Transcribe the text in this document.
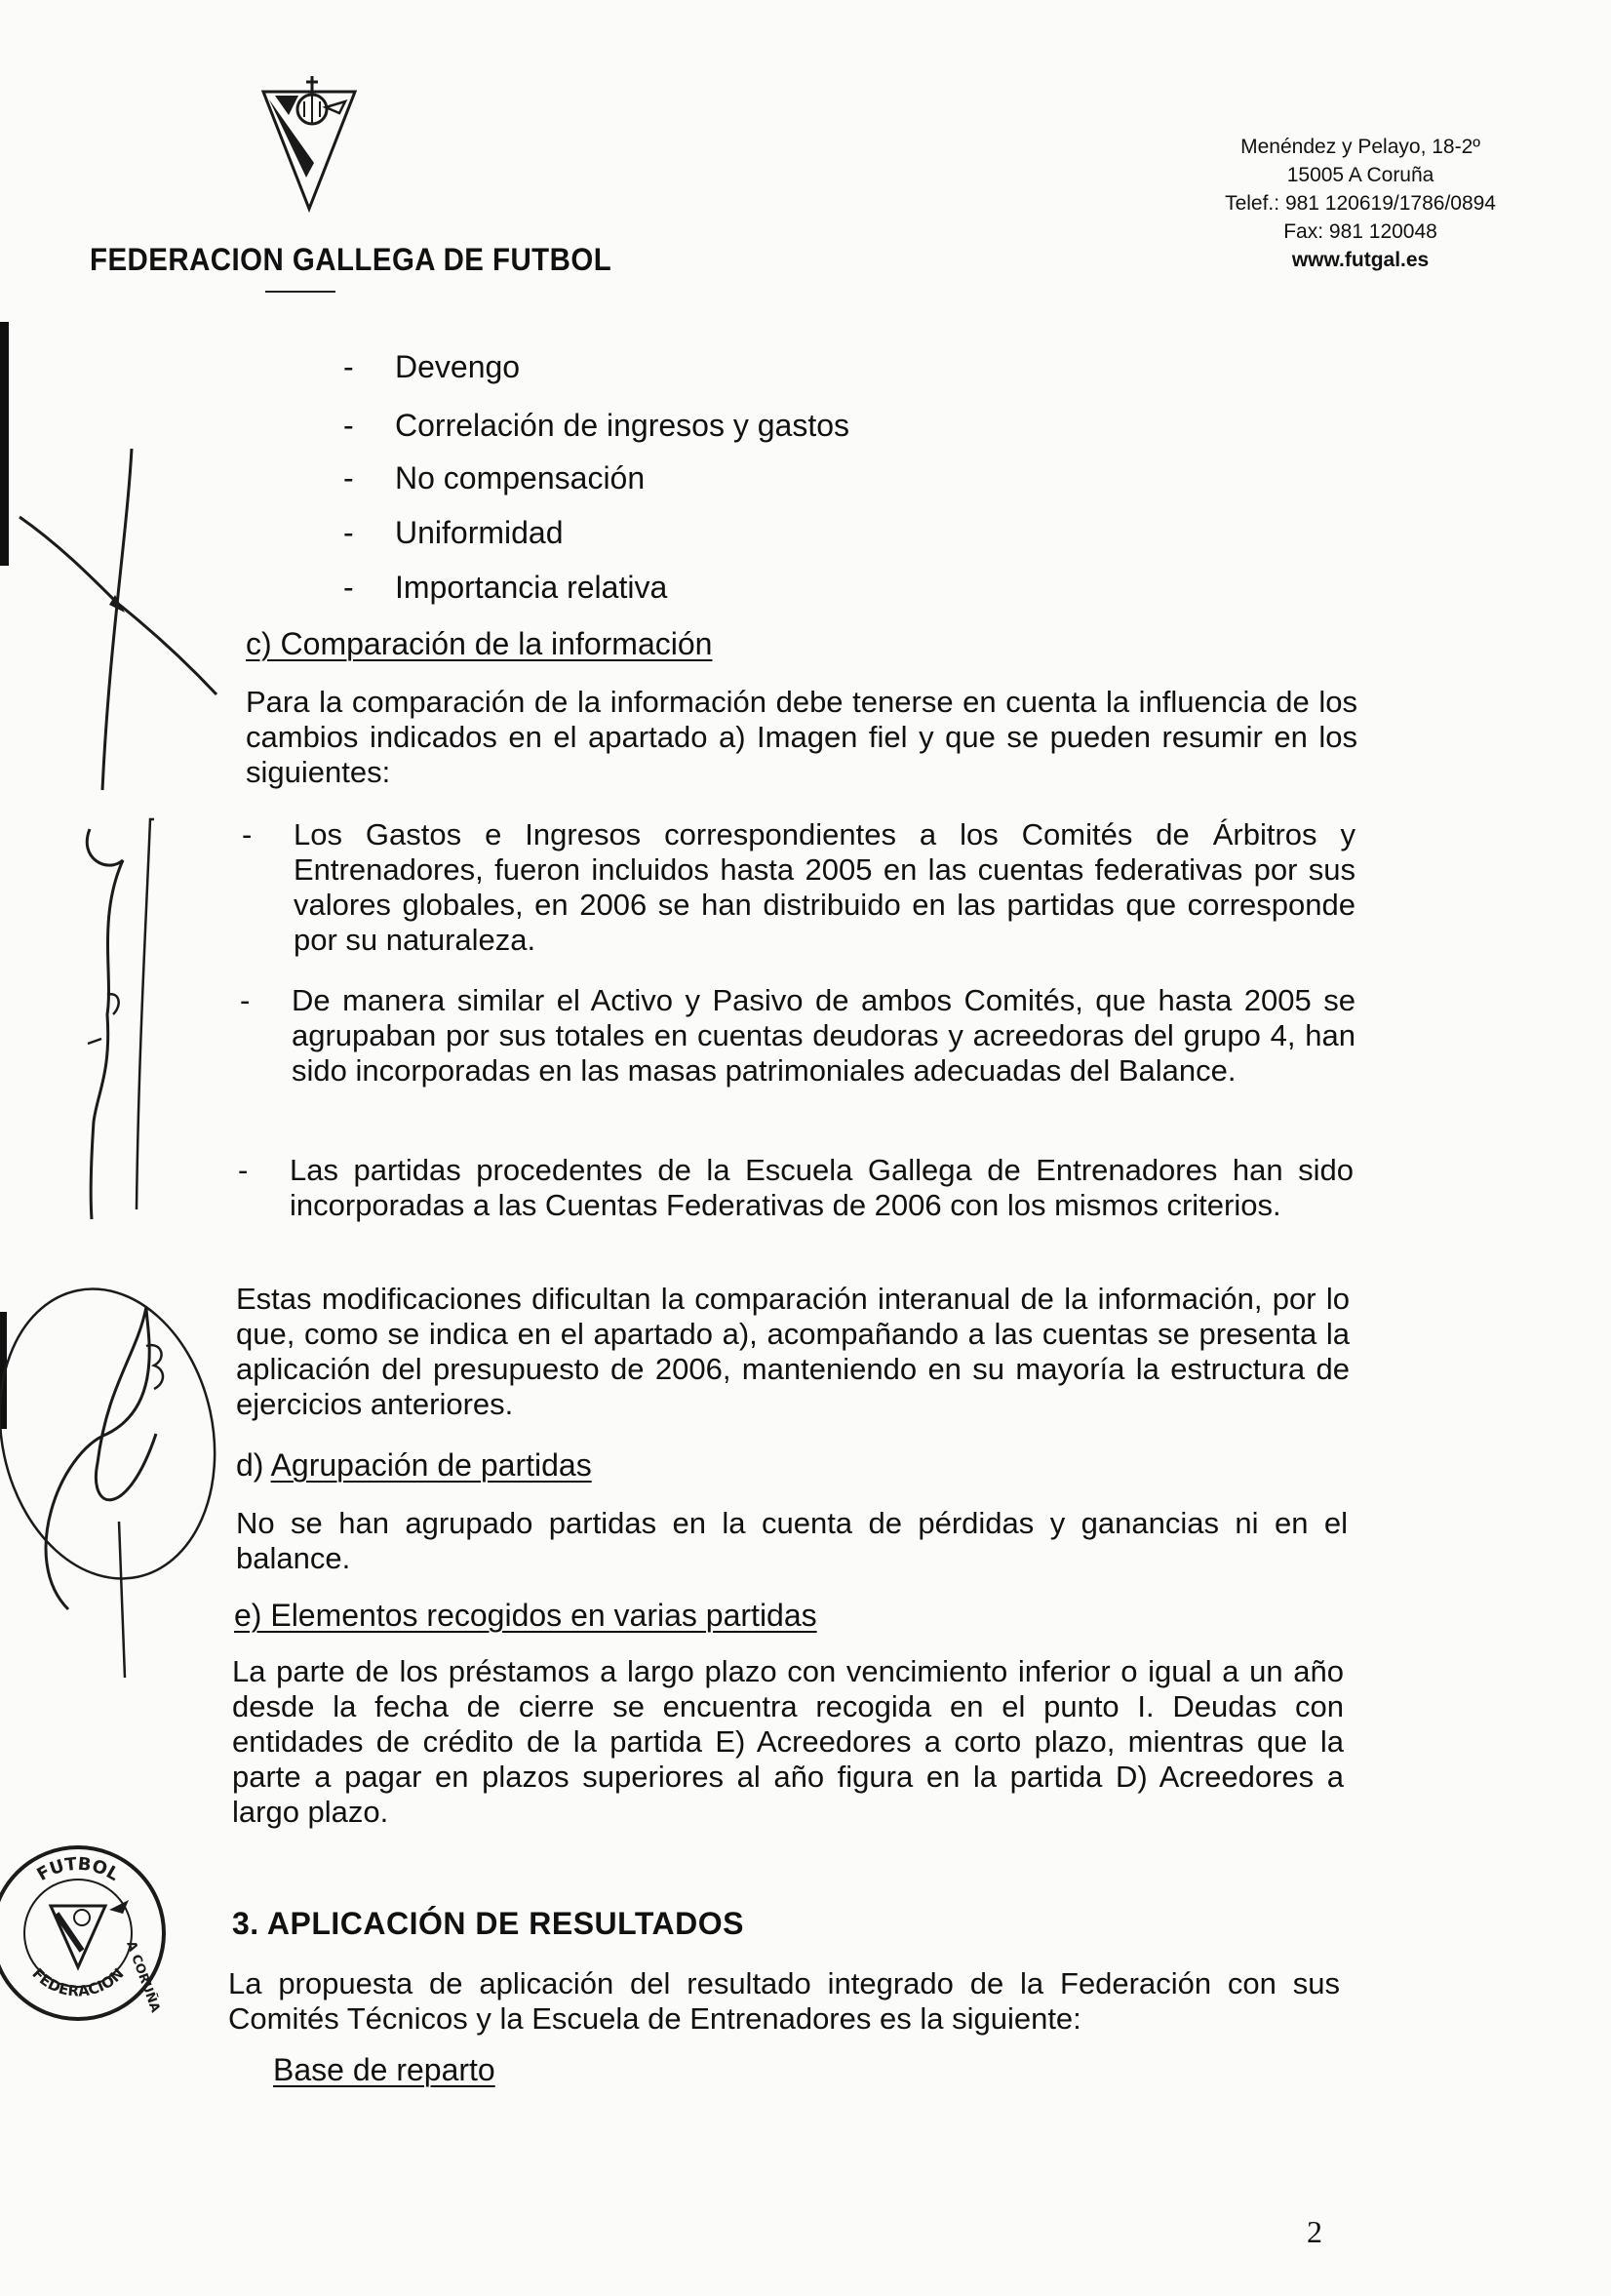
FEDERACION GALLEGA DE FUTBOL
Menéndez y Pelayo, 18-2º
15005 A Coruña
Telef.: 981 120619/1786/0894
Fax: 981 120048
www.futgal.es
- Devengo
- Correlación de ingresos y gastos
- No compensación
- Uniformidad
- Importancia relativa
c) Comparación de la información
Para la comparación de la información debe tenerse en cuenta la influencia de los cambios indicados en el apartado a) Imagen fiel y que se pueden resumir en los siguientes:
- Los Gastos e Ingresos correspondientes a los Comités de Árbitros y Entrenadores, fueron incluidos hasta 2005 en las cuentas federativas por sus valores globales, en 2006 se han distribuido en las partidas que corresponde por su naturaleza.
- De manera similar el Activo y Pasivo de ambos Comités, que hasta 2005 se agrupaban por sus totales en cuentas deudoras y acreedoras del grupo 4, han sido incorporadas en las masas patrimoniales adecuadas del Balance.
- Las partidas procedentes de la Escuela Gallega de Entrenadores han sido incorporadas a las Cuentas Federativas de 2006 con los mismos criterios.
Estas modificaciones dificultan la comparación interanual de la información, por lo que, como se indica en el apartado a), acompañando a las cuentas se presenta la aplicación del presupuesto de 2006, manteniendo en su mayoría la estructura de ejercicios anteriores.
d) Agrupación de partidas
No se han agrupado partidas en la cuenta de pérdidas y ganancias ni en el balance.
e) Elementos recogidos en varias partidas
La parte de los préstamos a largo plazo con vencimiento inferior o igual a un año desde la fecha de cierre se encuentra recogida en el punto I. Deudas con entidades de crédito de la partida E) Acreedores a corto plazo, mientras que la parte a pagar en plazos superiores al año figura en la partida D) Acreedores a largo plazo.
3. APLICACIÓN DE RESULTADOS
La propuesta de aplicación del resultado integrado de la Federación con sus Comités Técnicos y la Escuela de Entrenadores es la siguiente:
Base de reparto
2
FUTBOL
FEDERACION
A CORUÑA
